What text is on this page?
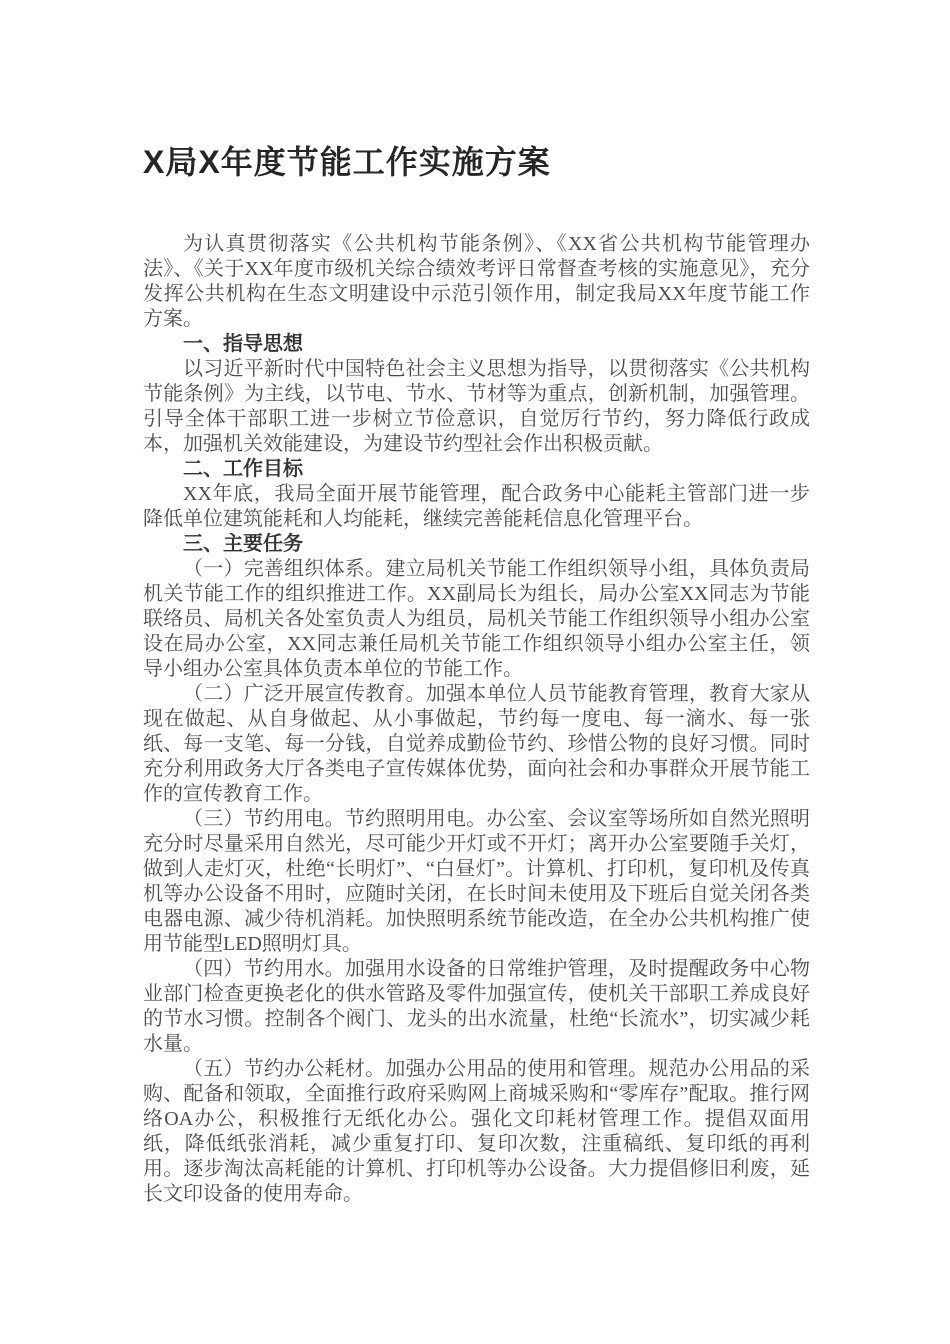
X局X年度节能工作实施方案

为认真贯彻落实《公共机构节能条例》、《XX省公共机构节能管理办法》、《关于XX年度市级机关综合绩效考评日常督查考核的实施意见》，充分发挥公共机构在生态文明建设中示范引领作用，制定我局XX年度节能工作方案。

一、指导思想

以习近平新时代中国特色社会主义思想为指导，以贯彻落实《公共机构节能条例》为主线，以节电、节水、节材等为重点，创新机制，加强管理。引导全体干部职工进一步树立节俭意识，自觉厉行节约，努力降低行政成本，加强机关效能建设，为建设节约型社会作出积极贡献。

二、工作目标

XX年底，我局全面开展节能管理，配合政务中心能耗主管部门进一步降低单位建筑能耗和人均能耗，继续完善能耗信息化管理平台。

三、主要任务

（一）完善组织体系。建立局机关节能工作组织领导小组，具体负责局机关节能工作的组织推进工作。XX副局长为组长，局办公室XX同志为节能联络员、局机关各处室负责人为组员，局机关节能工作组织领导小组办公室设在局办公室，XX同志兼任局机关节能工作组织领导小组办公室主任，领导小组办公室具体负责本单位的节能工作。

（二）广泛开展宣传教育。加强本单位人员节能教育管理，教育大家从现在做起、从自身做起、从小事做起，节约每一度电、每一滴水、每一张纸、每一支笔、每一分钱，自觉养成勤俭节约、珍惜公物的良好习惯。同时充分利用政务大厅各类电子宣传媒体优势，面向社会和办事群众开展节能工作的宣传教育工作。

（三）节约用电。节约照明用电。办公室、会议室等场所如自然光照明充分时尽量采用自然光，尽可能少开灯或不开灯；离开办公室要随手关灯，做到人走灯灭，杜绝“长明灯”、“白昼灯”。计算机、打印机，复印机及传真机等办公设备不用时，应随时关闭，在长时间未使用及下班后自觉关闭各类电器电源、减少待机消耗。加快照明系统节能改造，在全办公共机构推广使用节能型LED照明灯具。

（四）节约用水。加强用水设备的日常维护管理，及时提醒政务中心物业部门检查更换老化的供水管路及零件加强宣传，使机关干部职工养成良好的节水习惯。控制各个阀门、龙头的出水流量，杜绝“长流水”，切实减少耗水量。

（五）节约办公耗材。加强办公用品的使用和管理。规范办公用品的采购、配备和领取，全面推行政府采购网上商城采购和“零库存”配取。推行网络OA办公，积极推行无纸化办公。强化文印耗材管理工作。提倡双面用纸，降低纸张消耗，减少重复打印、复印次数，注重稿纸、复印纸的再利用。逐步淘汰高耗能的计算机、打印机等办公设备。大力提倡修旧利废，延长文印设备的使用寿命。
